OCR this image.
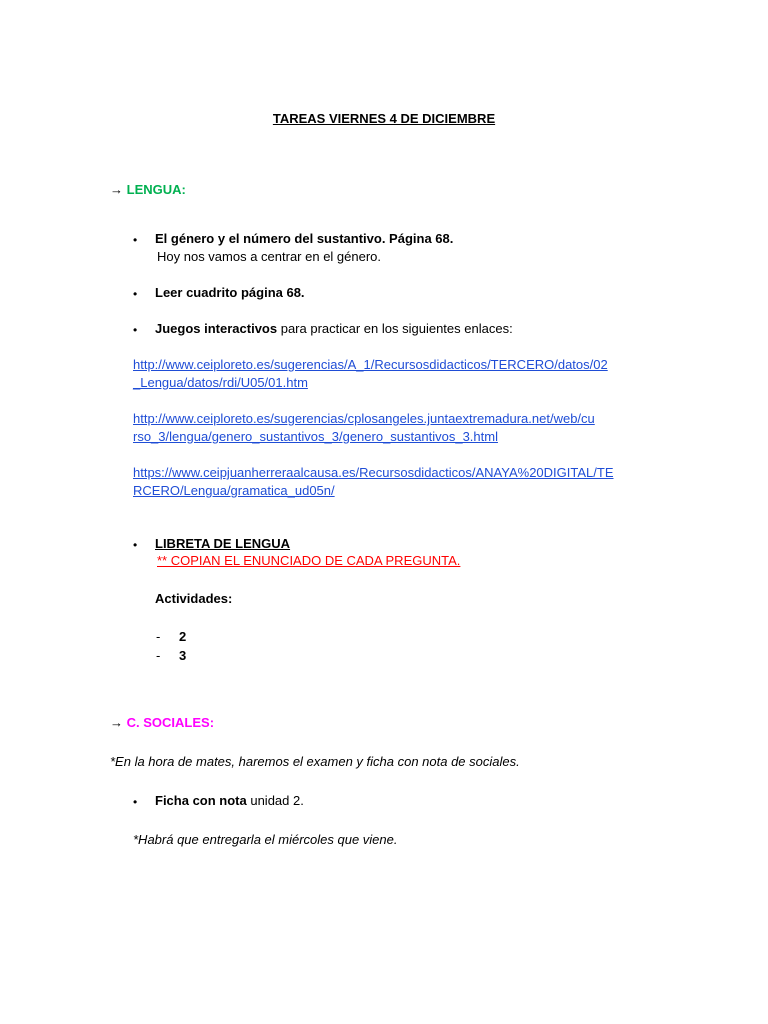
TAREAS VIERNES 4 DE DICIEMBRE
→ LENGUA:
• El género y el número del sustantivo. Página 68.
Hoy nos vamos a centrar en el género.
• Leer cuadrito página 68.
• Juegos interactivos para practicar en los siguientes enlaces:
http://www.ceiploreto.es/sugerencias/A_1/Recursosdidacticos/TERCERO/datos/02
_Lengua/datos/rdi/U05/01.htm
http://www.ceiploreto.es/sugerencias/cplosangeles.juntaextremadura.net/web/cu
rso_3/lengua/genero_sustantivos_3/genero_sustantivos_3.html
https://www.ceipjuanherreraalcausa.es/Recursosdidacticos/ANAYA%20DIGITAL/TE
RCERO/Lengua/gramatica_ud05n/
• LIBRETA DE LENGUA
** COPIAN EL ENUNCIADO DE CADA PREGUNTA.
Actividades:
- 2
- 3
→ C. SOCIALES:
*En la hora de mates, haremos el examen y ficha con nota de sociales.
• Ficha con nota unidad 2.
*Habrá que entregarla el miércoles que viene.
